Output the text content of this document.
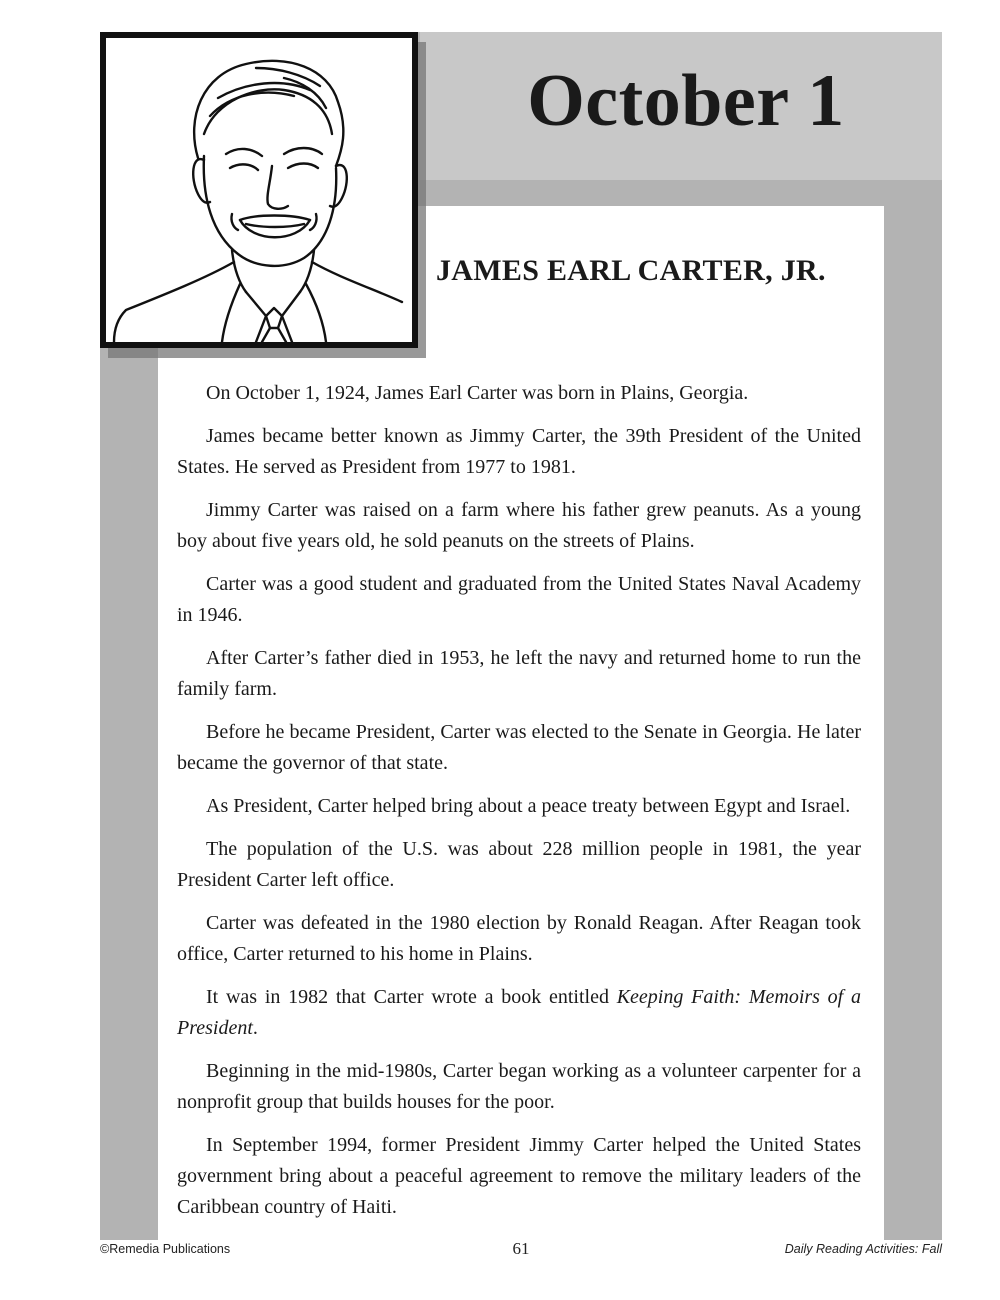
October 1
JAMES EARL CARTER, JR.

On October 1, 1924, James Earl Carter was born in Plains, Georgia.

James became better known as Jimmy Carter, the 39th President of the United States. He served as President from 1977 to 1981.

Jimmy Carter was raised on a farm where his father grew peanuts. As a young boy about five years old, he sold peanuts on the streets of Plains.

Carter was a good student and graduated from the United States Naval Academy in 1946.

After Carter’s father died in 1953, he left the navy and returned home to run the family farm.

Before he became President, Carter was elected to the Senate in Georgia. He later became the governor of that state.

As President, Carter helped bring about a peace treaty between Egypt and Israel.

The population of the U.S. was about 228 million people in 1981, the year President Carter left office.

Carter was defeated in the 1980 election by Ronald Reagan. After Reagan took office, Carter returned to his home in Plains.

It was in 1982 that Carter wrote a book entitled Keeping Faith: Memoirs of a President.

Beginning in the mid-1980s, Carter began working as a volunteer carpenter for a nonprofit group that builds houses for the poor.

In September 1994, former President Jimmy Carter helped the United States government bring about a peaceful agreement to remove the military leaders of the Caribbean country of Haiti.

©Remedia Publications	61	Daily Reading Activities: Fall
